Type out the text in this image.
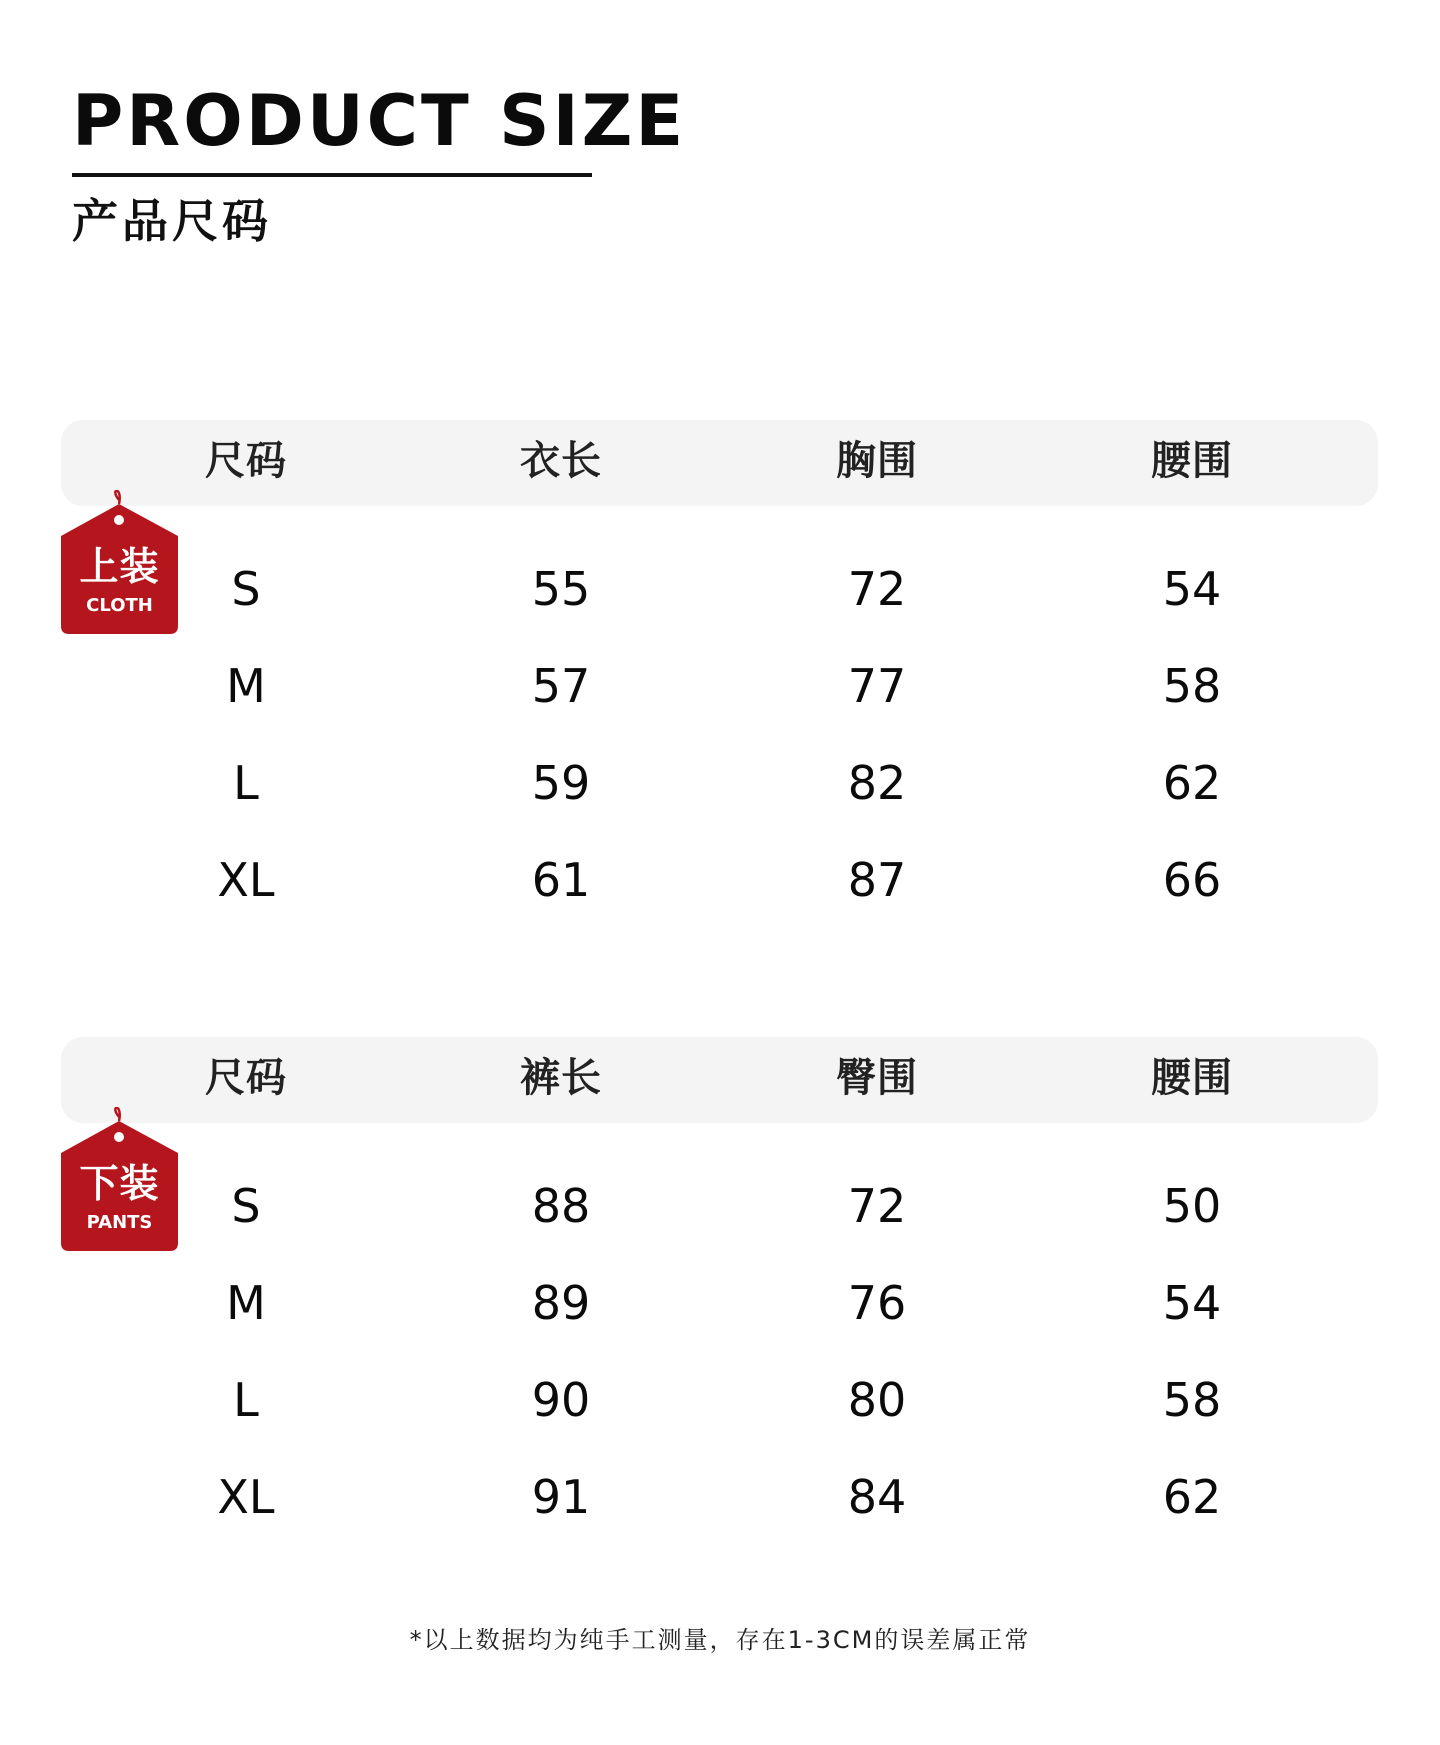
PRODUCT SIZE
产品尺码
尺码	衣长	胸围	腰围
上装
CLOTH	S	55	72	54
M	57	77	58
L	59	82	62
XL	61	87	66
尺码	裤长	臀围	腰围
下装
PANTS	S	88	72	50
M	89	76	54
L	90	80	58
XL	91	84	62
*以上数据均为纯手工测量，存在1-3CM的误差属正常
